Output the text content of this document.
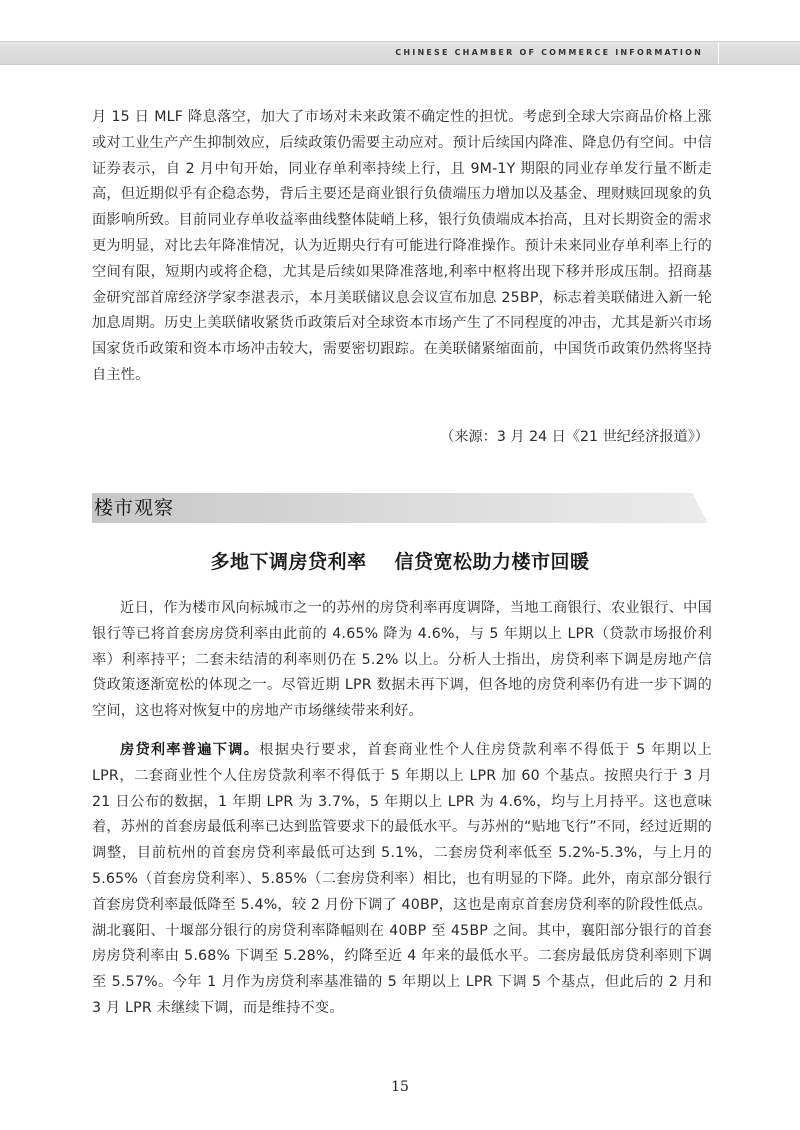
CHINESE CHAMBER OF COMMERCE INFORMATION
月 15 日 MLF 降息落空，加大了市场对未来政策不确定性的担忧。考虑到全球大宗商品价格上涨或对工业生产产生抑制效应，后续政策仍需要主动应对。预计后续国内降准、降息仍有空间。中信证券表示，自 2 月中旬开始，同业存单利率持续上行，且 9M-1Y 期限的同业存单发行量不断走高，但近期似乎有企稳态势，背后主要还是商业银行负债端压力增加以及基金、理财赎回现象的负面影响所致。目前同业存单收益率曲线整体陡峭上移，银行负债端成本抬高，且对长期资金的需求更为明显，对比去年降准情况，认为近期央行有可能进行降准操作。预计未来同业存单利率上行的空间有限，短期内或将企稳，尤其是后续如果降准落地,利率中枢将出现下移并形成压制。招商基金研究部首席经济学家李湛表示，本月美联储议息会议宣布加息 25BP，标志着美联储进入新一轮加息周期。历史上美联储收紧货币政策后对全球资本市场产生了不同程度的冲击，尤其是新兴市场国家货币政策和资本市场冲击较大，需要密切跟踪。在美联储紧缩面前，中国货币政策仍然将坚持自主性。
（来源：3 月 24 日《21 世纪经济报道》）
楼市观察
多地下调房贷利率 信贷宽松助力楼市回暖
近日，作为楼市风向标城市之一的苏州的房贷利率再度调降，当地工商银行、农业银行、中国银行等已将首套房房贷利率由此前的 4.65% 降为 4.6%，与 5 年期以上 LPR（贷款市场报价利率）利率持平；二套未结清的利率则仍在 5.2% 以上。分析人士指出，房贷利率下调是房地产信贷政策逐渐宽松的体现之一。尽管近期 LPR 数据未再下调，但各地的房贷利率仍有进一步下调的空间，这也将对恢复中的房地产市场继续带来利好。
房贷利率普遍下调。根据央行要求，首套商业性个人住房贷款利率不得低于 5 年期以上 LPR，二套商业性个人住房贷款利率不得低于 5 年期以上 LPR 加 60 个基点。按照央行于 3 月 21 日公布的数据，1 年期 LPR 为 3.7%，5 年期以上 LPR 为 4.6%，均与上月持平。这也意味着，苏州的首套房最低利率已达到监管要求下的最低水平。与苏州的“贴地飞行”不同，经过近期的调整，目前杭州的首套房贷利率最低可达到 5.1%，二套房贷利率低至 5.2%-5.3%，与上月的 5.65%（首套房贷利率）、5.85%（二套房贷利率）相比，也有明显的下降。此外，南京部分银行首套房贷利率最低降至 5.4%，较 2 月份下调了 40BP，这也是南京首套房贷利率的阶段性低点。湖北襄阳、十堰部分银行的房贷利率降幅则在 40BP 至 45BP 之间。其中，襄阳部分银行的首套房房贷利率由 5.68% 下调至 5.28%，约降至近 4 年来的最低水平。二套房最低房贷利率则下调至 5.57%。今年 1 月作为房贷利率基准锚的 5 年期以上 LPR 下调 5 个基点，但此后的 2 月和 3 月 LPR 未继续下调，而是维持不变。
15
